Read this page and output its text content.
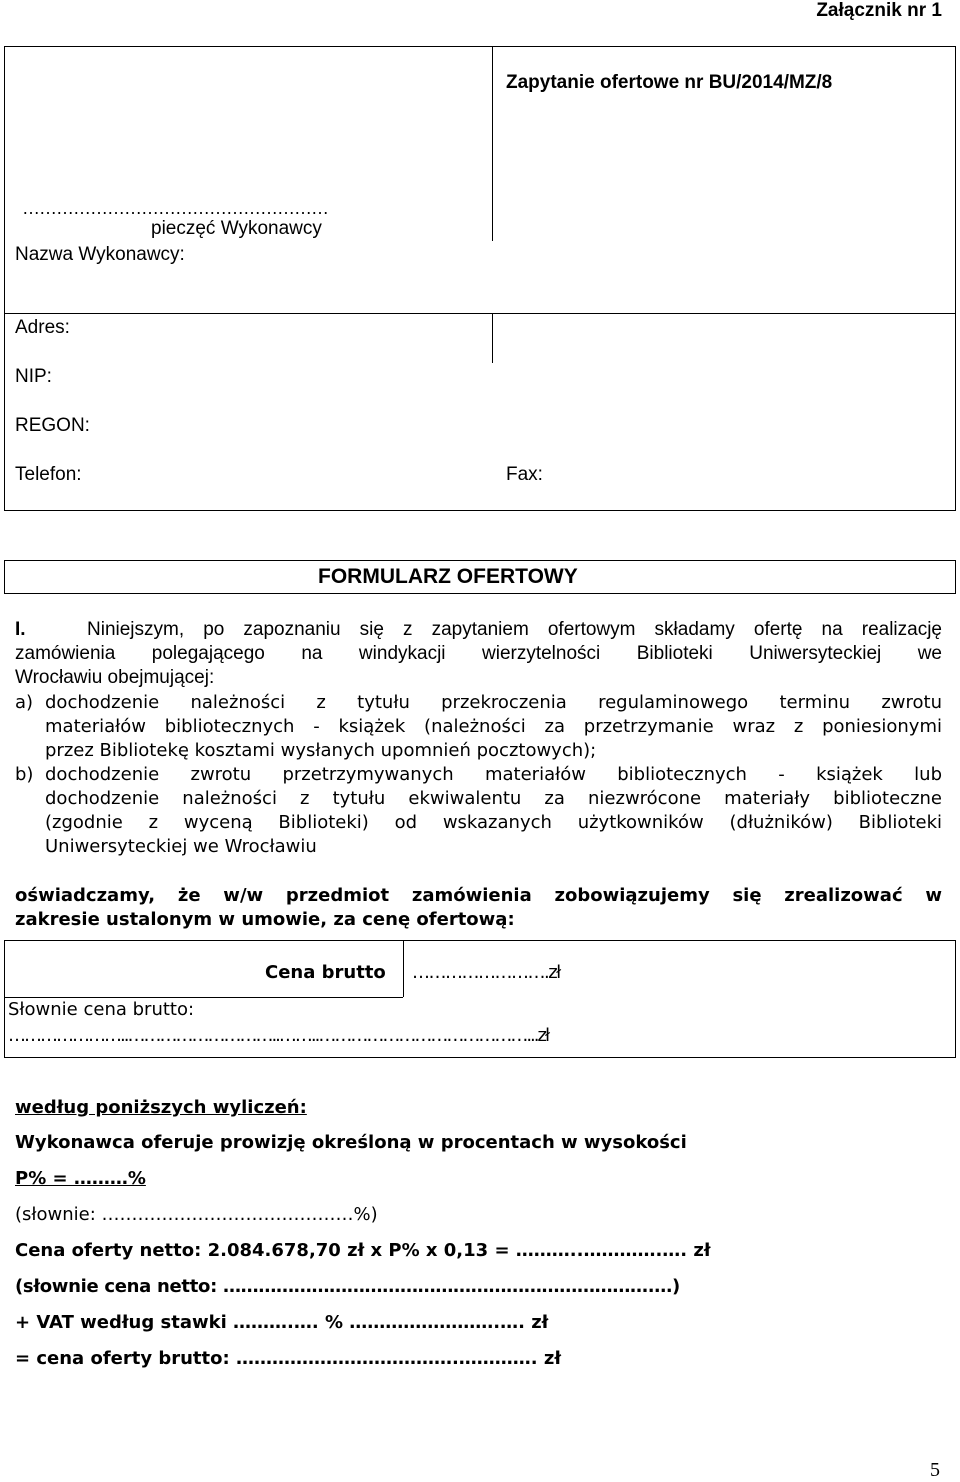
Załącznik nr 1
Zapytanie ofertowe nr BU/2014/MZ/8
………………………………………………
pieczęć Wykonawcy
Nazwa Wykonawcy:
Adres:
NIP:
REGON:
Telefon:	Fax:
FORMULARZ OFERTOWY
I.	Niniejszym, po zapoznaniu się z zapytaniem ofertowym składamy ofertę na realizację
zamówienia polegającego na windykacji wierzytelności Biblioteki Uniwersyteckiej we
Wrocławiu obejmującej:
a) dochodzenie należności z tytułu przekroczenia regulaminowego terminu zwrotu
materiałów bibliotecznych - książek (należności za przetrzymanie wraz z poniesionymi
przez Bibliotekę kosztami wysłanych upomnień pocztowych);
b) dochodzenie zwrotu przetrzymywanych materiałów bibliotecznych - książek lub
dochodzenie należności z tytułu ekwiwalentu za niezwrócone materiały biblioteczne
(zgodnie z wyceną Biblioteki) od wskazanych użytkowników (dłużników) Biblioteki
Uniwersyteckiej we Wrocławiu
oświadczamy, że w/w przedmiot zamówienia zobowiązujemy się zrealizować w
zakresie ustalonym w umowie, za cenę ofertową:
Cena brutto …………………….zł
Słownie cena brutto:
…………………..………………………..……..…………………………………...zł
według poniższych wyliczeń:
Wykonawca oferuje prowizję określoną w procentach w wysokości
P% = ………%
(słownie: ……………………………………%)
Cena oferty netto: 2.084.678,70 zł x P% x 0,13 = ………..………….…. zł
(słownie cena netto: ……………………………………………………………….…)
+ VAT według stawki ……….…. % …………………….…. zł
= cena oferty brutto: ……………………………….…………. zł
5
